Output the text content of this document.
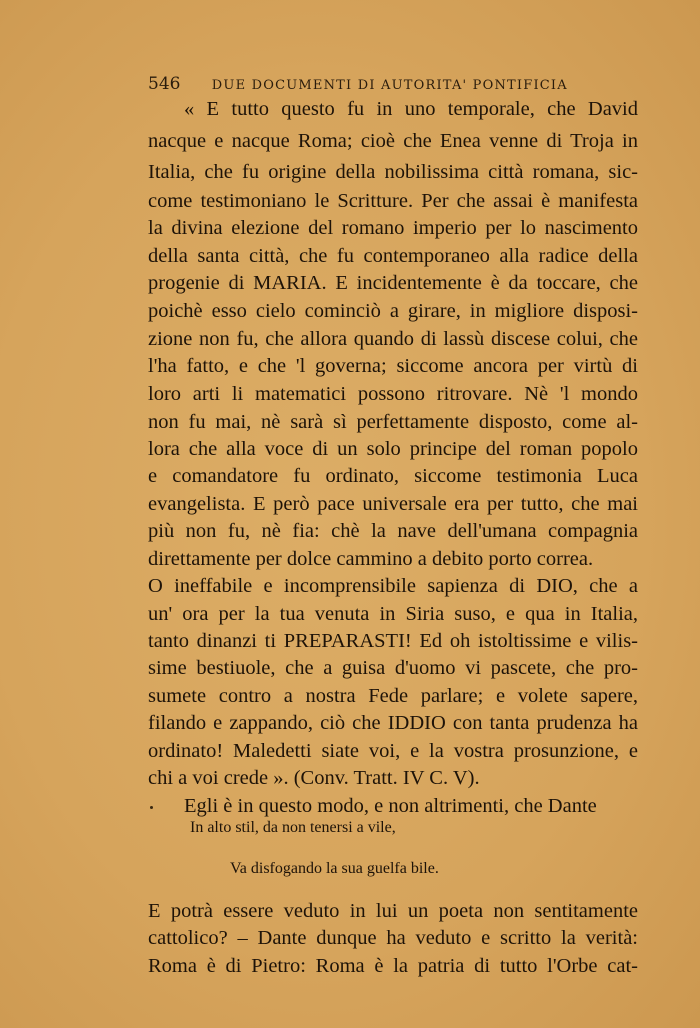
546 DUE DOCUMENTI DI AUTORITA' PONTIFICIA
« E tutto questo fu in uno temporale, che David
nacque e nacque Roma; cioè che Enea venne di Troja in
Italia, che fu origine della nobilissima città romana, sic-
come testimoniano le Scritture. Per che assai è manifesta
la divina elezione del romano imperio per lo nascimento
della santa città, che fu contemporaneo alla radice della
progenie di MARIA. E incidentemente è da toccare, che
poichè esso cielo cominciò a girare, in migliore disposi-
zione non fu, che allora quando di lassù discese colui, che
l'ha fatto, e che 'l governa; siccome ancora per virtù di
loro arti li matematici possono ritrovare. Nè 'l mondo
non fu mai, nè sarà sì perfettamente disposto, come al-
lora che alla voce di un solo principe del roman popolo
e comandatore fu ordinato, siccome testimonia Luca
evangelista. E però pace universale era per tutto, che mai
più non fu, nè fia: chè la nave dell'umana compagnia
direttamente per dolce cammino a debito porto correa.
O ineffabile e incomprensibile sapienza di DIO, che a
un' ora per la tua venuta in Siria suso, e qua in Italia,
tanto dinanzi ti PREPARASTI! Ed oh istoltissime e vilis-
sime bestiuole, che a guisa d'uomo vi pascete, che pro-
sumete contro a nostra Fede parlare; e volete sapere,
filando e zappando, ciò che IDDIO con tanta prudenza ha
ordinato! Maledetti siate voi, e la vostra prosunzione, e
chi a voi crede ». (Conv. Tratt. IV C. V).
Egli è in questo modo, e non altrimenti, che Dante
In alto stil, da non tenersi a vile,
Va disfogando la sua guelfa bile.
E potrà essere veduto in lui un poeta non sentitamente
cattolico? – Dante dunque ha veduto e scritto la verità:
Roma è di Pietro: Roma è la patria di tutto l'Orbe cat-
